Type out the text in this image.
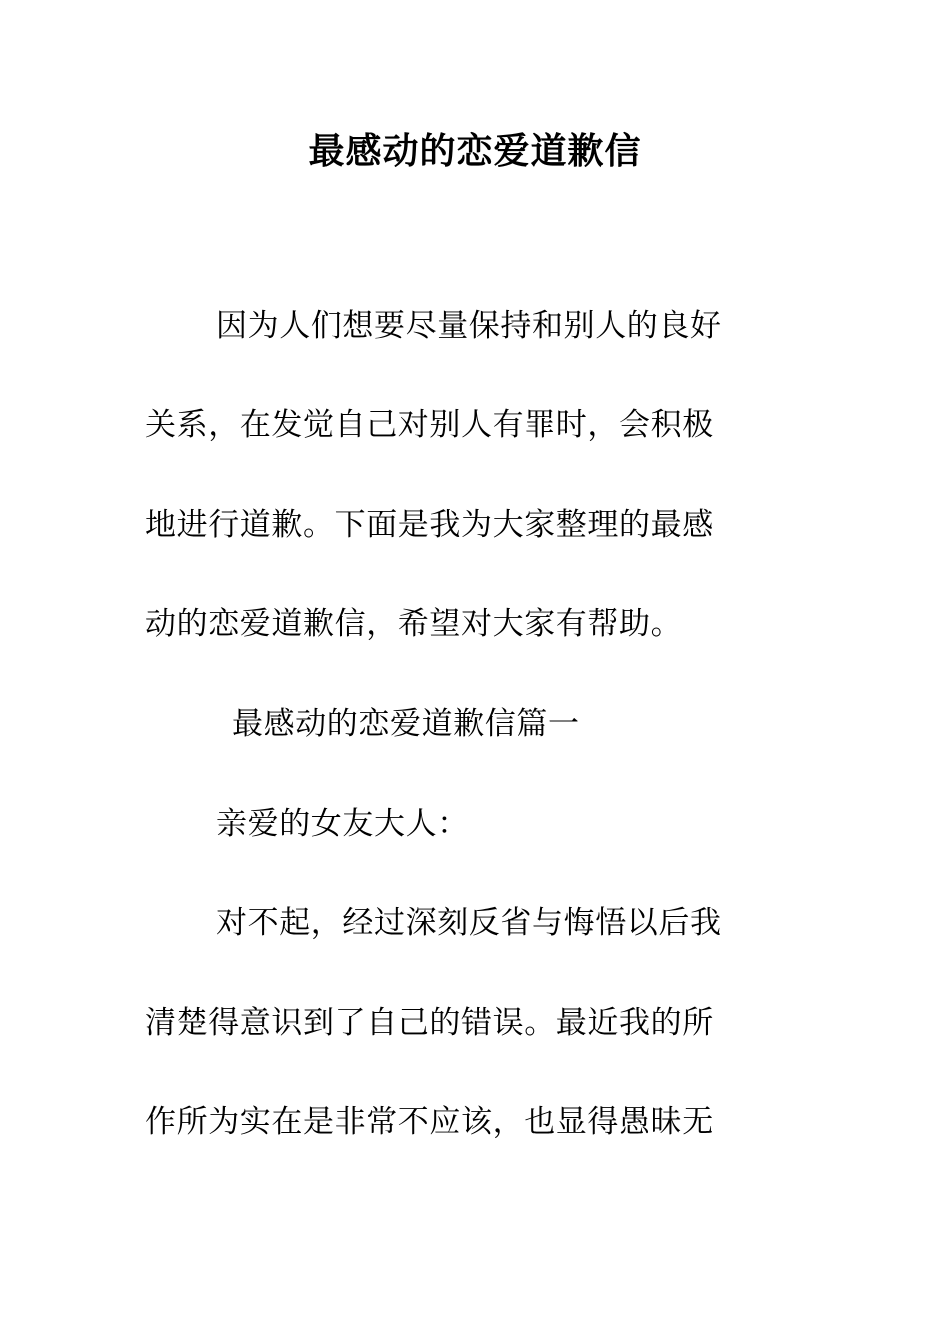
最感动的恋爱道歉信
因为人们想要尽量保持和别人的良好
关系，在发觉自己对别人有罪时，会积极
地进行道歉。下面是我为大家整理的最感
动的恋爱道歉信，希望对大家有帮助。
最感动的恋爱道歉信篇一
亲爱的女友大人：
对不起，经过深刻反省与悔悟以后我
清楚得意识到了自己的错误。最近我的所
作所为实在是非常不应该，也显得愚昧无
